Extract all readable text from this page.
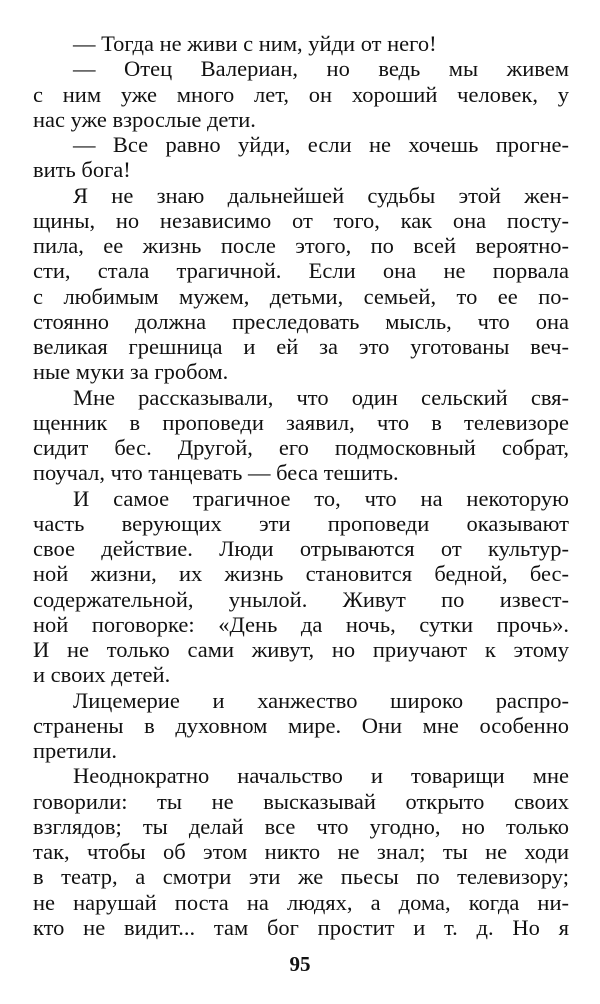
— Тогда не живи с ним, уйди от него!
— Отец Валериан, но ведь мы живем
с ним уже много лет, он хороший человек, у
нас уже взрослые дети.
— Все равно уйди, если не хочешь прогне-
вить бога!
Я не знаю дальнейшей судьбы этой жен-
щины, но независимо от того, как она посту-
пила, ее жизнь после этого, по всей вероятно-
сти, стала трагичной. Если она не порвала
с любимым мужем, детьми, семьей, то ее по-
стоянно должна преследовать мысль, что она
великая грешница и ей за это уготованы веч-
ные муки за гробом.
Мне рассказывали, что один сельский свя-
щенник в проповеди заявил, что в телевизоре
сидит бес. Другой, его подмосковный собрат,
поучал, что танцевать — беса тешить.
И самое трагичное то, что на некоторую
часть верующих эти проповеди оказывают
свое действие. Люди отрываются от культур-
ной жизни, их жизнь становится бедной, бес-
содержательной, унылой. Живут по извест-
ной поговорке: «День да ночь, сутки прочь».
И не только сами живут, но приучают к этому
и своих детей.
Лицемерие и ханжество широко распро-
странены в духовном мире. Они мне особенно
претили.
Неоднократно начальство и товарищи мне
говорили: ты не высказывай открыто своих
взглядов; ты делай все что угодно, но только
так, чтобы об этом никто не знал; ты не ходи
в театр, а смотри эти же пьесы по телевизору;
не нарушай поста на людях, а дома, когда ни-
кто не видит... там бог простит и т. д. Но я
95
